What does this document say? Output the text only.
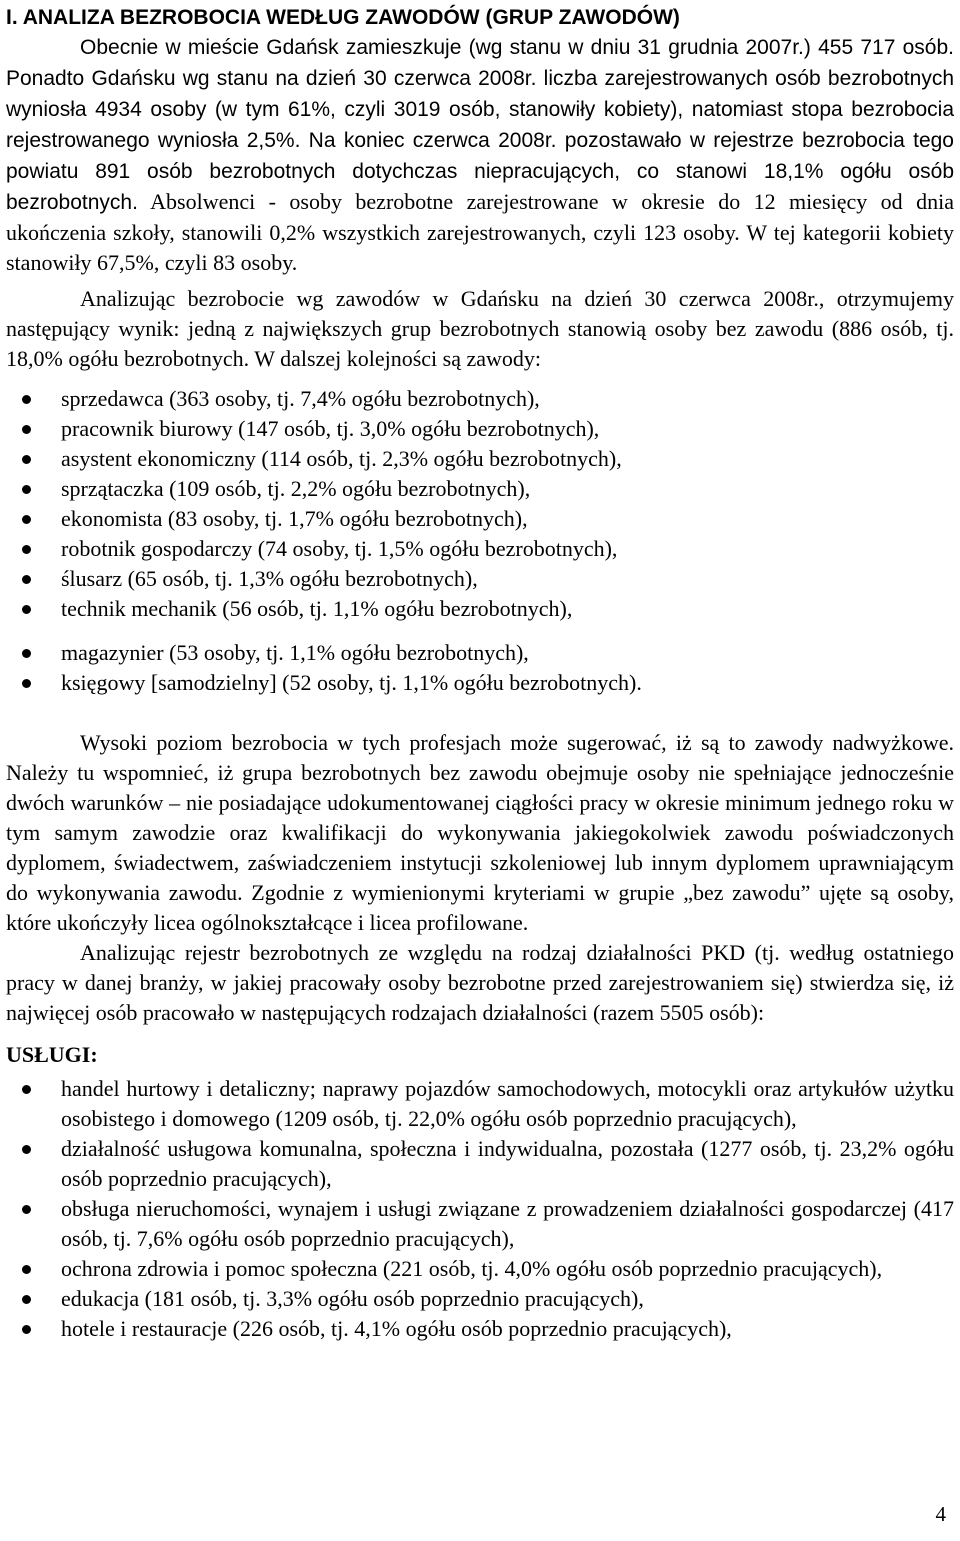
I. ANALIZA BEZROBOCIA WEDŁUG ZAWODÓW (GRUP ZAWODÓW)

Obecnie w mieście Gdańsk zamieszkuje (wg stanu w dniu 31 grudnia 2007r.) 455 717 osób. Ponadto Gdańsku wg stanu na dzień 30 czerwca 2008r. liczba zarejestrowanych osób bezrobotnych wyniosła 4934 osoby (w tym 61%, czyli 3019 osób, stanowiły kobiety), natomiast stopa bezrobocia rejestrowanego wyniosła 2,5%. Na koniec czerwca 2008r. pozostawało w rejestrze bezrobocia tego powiatu 891 osób bezrobotnych dotychczas niepracujących, co stanowi 18,1% ogółu osób bezrobotnych. Absolwenci - osoby bezrobotne zarejestrowane w okresie do 12 miesięcy od dnia ukończenia szkoły, stanowili 0,2% wszystkich zarejestrowanych, czyli 123 osoby. W tej kategorii kobiety stanowiły 67,5%, czyli 83 osoby.

Analizując bezrobocie wg zawodów w Gdańsku na dzień 30 czerwca 2008r., otrzymujemy następujący wynik: jedną z największych grup bezrobotnych stanowią osoby bez zawodu (886 osób, tj. 18,0% ogółu bezrobotnych. W dalszej kolejności są zawody:

sprzedawca (363 osoby, tj. 7,4% ogółu bezrobotnych),
pracownik biurowy (147 osób, tj. 3,0% ogółu bezrobotnych),
asystent ekonomiczny (114 osób, tj. 2,3% ogółu bezrobotnych),
sprzątaczka (109 osób, tj. 2,2% ogółu bezrobotnych),
ekonomista (83 osoby, tj. 1,7% ogółu bezrobotnych),
robotnik gospodarczy (74 osoby, tj. 1,5% ogółu bezrobotnych),
ślusarz (65 osób, tj. 1,3% ogółu bezrobotnych),
technik mechanik (56 osób, tj. 1,1% ogółu bezrobotnych),
magazynier (53 osoby, tj. 1,1% ogółu bezrobotnych),
księgowy [samodzielny] (52 osoby, tj. 1,1% ogółu bezrobotnych).

Wysoki poziom bezrobocia w tych profesjach może sugerować, iż są to zawody nadwyżkowe. Należy tu wspomnieć, iż grupa bezrobotnych bez zawodu obejmuje osoby nie spełniające jednocześnie dwóch warunków – nie posiadające udokumentowanej ciągłości pracy w okresie minimum jednego roku w tym samym zawodzie oraz kwalifikacji do wykonywania jakiegokolwiek zawodu poświadczonych dyplomem, świadectwem, zaświadczeniem instytucji szkoleniowej lub innym dyplomem uprawniającym do wykonywania zawodu. Zgodnie z wymienionymi kryteriami w grupie „bez zawodu” ujęte są osoby, które ukończyły licea ogólnokształcące i licea profilowane.

Analizując rejestr bezrobotnych ze względu na rodzaj działalności PKD (tj. według ostatniego pracy w danej branży, w jakiej pracowały osoby bezrobotne przed zarejestrowaniem się) stwierdza się, iż najwięcej osób pracowało w następujących rodzajach działalności (razem 5505 osób):

USŁUGI:
handel hurtowy i detaliczny; naprawy pojazdów samochodowych, motocykli oraz artykułów użytku osobistego i domowego (1209 osób, tj. 22,0% ogółu osób poprzednio pracujących),
działalność usługowa komunalna, społeczna i indywidualna, pozostała (1277 osób, tj. 23,2% ogółu osób poprzednio pracujących),
obsługa nieruchomości, wynajem i usługi związane z prowadzeniem działalności gospodarczej (417 osób, tj. 7,6% ogółu osób poprzednio pracujących),
ochrona zdrowia i pomoc społeczna (221 osób, tj. 4,0% ogółu osób poprzednio pracujących),
edukacja (181 osób, tj. 3,3% ogółu osób poprzednio pracujących),
hotele i restauracje (226 osób, tj. 4,1% ogółu osób poprzednio pracujących),
4
